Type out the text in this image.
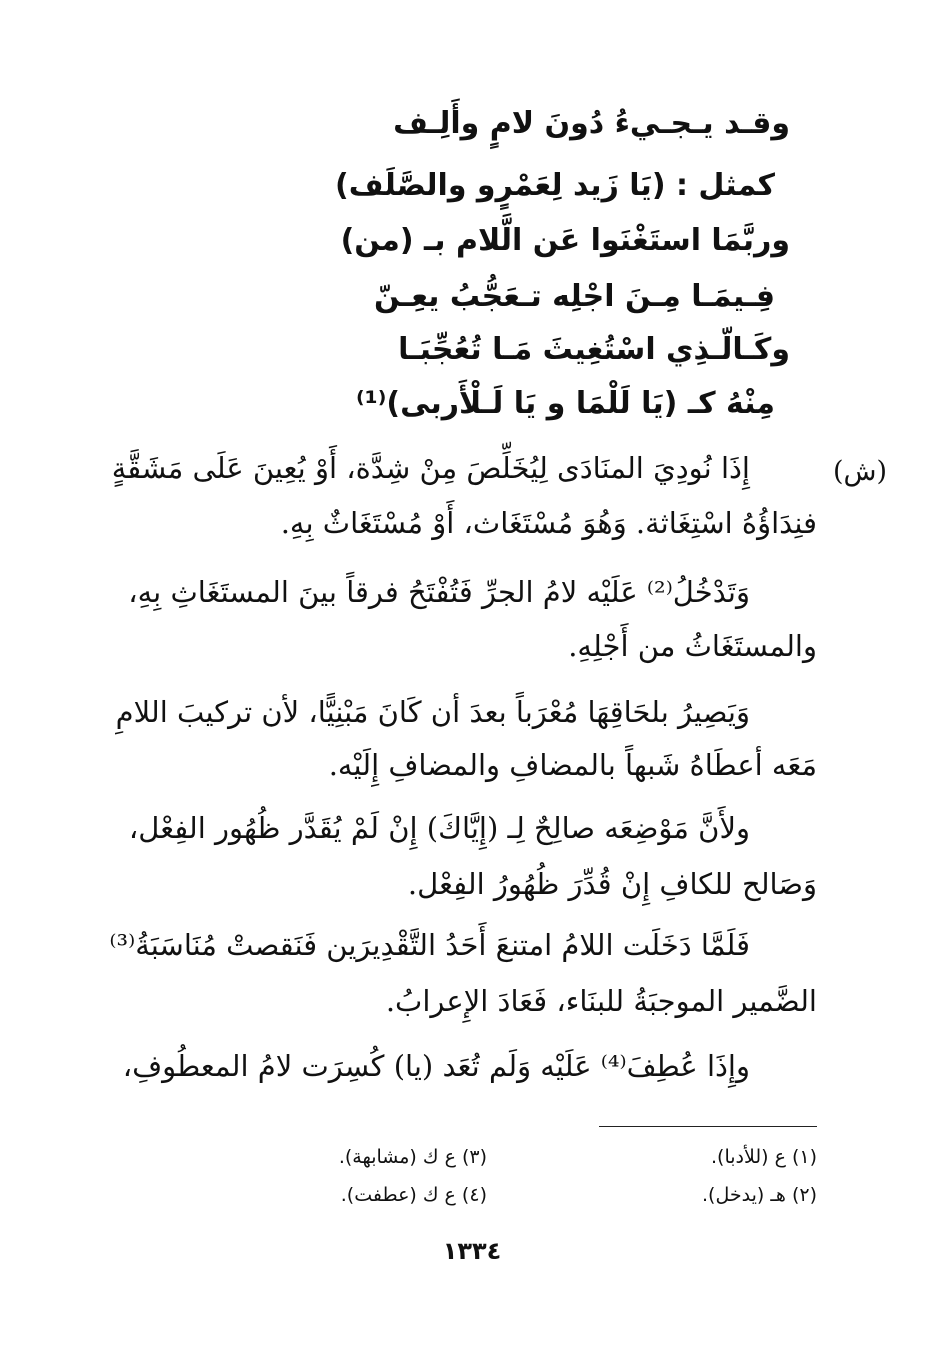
وقـد يـجـيءُ دُونَ لامٍ وأَلِـف
كمثل : (يَا زَيد لِعَمْرٍو والصَّلَف)
وربَّمَا استَغْنَوا عَن الَّلام بـ (من)
فِـيمَـا مِـنَ اجْلِه تـعَجُّبُ يعِـنّ
وكَـالّـذِي اسْتُغِيثَ مَـا تُعُجِّبَـا
مِنْهُ كـ (يَا لَلْمَا و يَا لَـلْأَربى)⁽¹⁾
(ش)
إِذَا نُودِيَ المنَادَى لِيُخَلِّصَ مِنْ شِدَّة، أَوْ يُعِينَ عَلَى مَشَقَّةٍ
فنِدَاؤُهُ اسْتِغَاثة. وَهُوَ مُسْتَغَاث، أَوْ مُسْتَغَاثٌ بِهِ.
وَتَدْخُلُ⁽²⁾ عَلَيْه لامُ الجرِّ فَتُفْتَحُ فرقاً بينَ المستَغَاثِ بِهِ،
والمستَغَاثُ من أَجْلِهِ.
وَيَصِيرُ بلحَاقِهَا مُعْرَباً بعدَ أن كَانَ مَبْنِيًّا، لأن تركيبَ اللامِ
مَعَه أعطَاهُ شَبهاً بالمضافِ والمضافِ إِلَيْه.
ولأَنَّ مَوْضِعَه صالِحٌ لِـ (إِيَّاكَ) إِنْ لَمْ يُقَدَّر ظُهُور الفِعْل،
وَصَالح للكافِ إِنْ قُدِّرَ ظُهُورُ الفِعْل.
فَلَمَّا دَخَلَت اللامُ امتنعَ أَحَدُ التَّقْدِيرَين فَنَقصتْ مُنَاسَبَةُ⁽³⁾
الضَّمير الموجبَةُ للبنَاء، فَعَادَ الإِعرابُ.
وإِذَا عُطِفَ⁽⁴⁾ عَلَيْه وَلَم تُعَد (يا) كُسِرَت لامُ المعطُوفِ،
(١) ع (للأدبا).
(٢) هـ (يدخل).
(٣) ع ك (مشابهة).
(٤) ع ك (عطفت).
١٣٣٤
